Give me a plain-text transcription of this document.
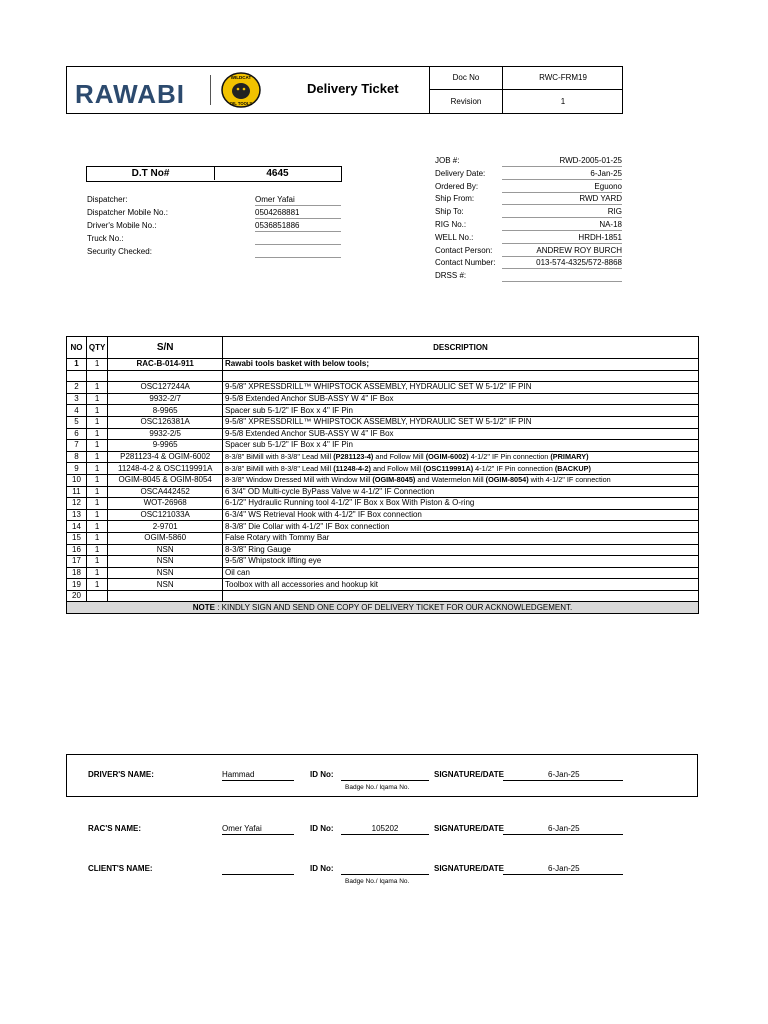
RAWABI
WILDCAT
OIL TOOLS
Delivery Ticket
Doc No	RWC-FRM19
Revision	1
D.T No#	4645
Dispatcher:	Omer Yafai
Dispatcher Mobile No.:	0504268881
Driver's Mobile No.:	0536851886
Truck No.:
Security Checked:
JOB #:	RWD-2005-01-25
Delivery Date:	6-Jan-25
Ordered By:	Eguono
Ship From:	RWD YARD
Ship To:	RIG
RIG No.:	NA-18
WELL No.:	HRDH-1851
Contact Person:	ANDREW ROY BURCH
Contact Number:	013-574-4325/572-8868
DRSS #:
NO	QTY	S/N	DESCRIPTION
1	1	RAC-B-014-911	Rawabi tools basket with below tools;

2	1	OSC127244A	9-5/8" XPRESSDRILL™ WHIPSTOCK ASSEMBLY, HYDRAULIC SET W 5-1/2" IF PIN
3	1	9932-2/7	9-5/8 Extended Anchor SUB-ASSY W 4" IF Box
4	1	8-9965	Spacer sub 5-1/2" IF Box x 4" IF Pin
5	1	OSC126381A	9-5/8" XPRESSDRILL™ WHIPSTOCK ASSEMBLY, HYDRAULIC SET W 5-1/2" IF PIN
6	1	9932-2/5	9-5/8 Extended Anchor SUB-ASSY W 4" IF Box
7	1	9-9965	Spacer sub 5-1/2" IF Box x 4" IF Pin
8	1	P281123-4 & OGIM-6002	8-3/8" BiMill with 8-3/8" Lead Mill (P281123-4) and Follow Mill (OGIM-6002) 4-1/2" IF Pin connection (PRIMARY)
9	1	11248-4-2 & OSC119991A	8-3/8" BiMill with 8-3/8" Lead Mill (11248-4-2) and Follow Mill (OSC119991A) 4-1/2" IF Pin connection (BACKUP)
10	1	OGIM-8045 & OGIM-8054	8-3/8" Window Dressed Mill with Window Mill (OGIM-8045) and Watermelon Mill (OGIM-8054) with 4-1/2" IF connection
11	1	OSCA442452	6 3/4" OD Multi-cycle ByPass Valve w 4-1/2" IF Connection
12	1	WOT-26968	6-1/2" Hydraulic Running tool 4-1/2" IF Box x Box With Piston & O-ring
13	1	OSC121033A	6-3/4" WS Retrieval Hook with 4-1/2" IF Box connection
14	1	2-9701	8-3/8" Die Collar with 4-1/2" IF Box connection
15	1	OGIM-5860	False Rotary with Tommy Bar
16	1	NSN	8-3/8" Ring Gauge
17	1	NSN	9-5/8" Whipstock lifting eye
18	1	NSN	Oil can
19	1	NSN	Toolbox with all accessories and hookup kit
20			
NOTE : KINDLY SIGN AND SEND ONE COPY OF DELIVERY TICKET FOR OUR ACKNOWLEDGEMENT.			
DRIVER'S NAME:	Hammad	ID No:	SIGNATURE/DATE	6-Jan-25
Badge No./ Iqama No.
RAC'S NAME:	Omer Yafai	ID No:	105202	SIGNATURE/DATE	6-Jan-25
CLIENT'S NAME:	ID No:	SIGNATURE/DATE	6-Jan-25
Badge No./ Iqama No.
